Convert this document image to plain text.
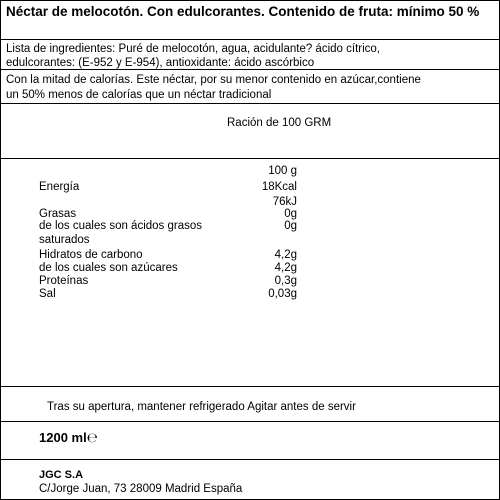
Néctar de melocotón. Con edulcorantes. Contenido de fruta: mínimo 50 %
Lista de ingredientes: Puré de melocotón, agua, acidulante? ácido cítrico,
edulcorantes: (E-952 y E-954), antioxidante: ácido ascórbico
Con la mitad de calorías. Este néctar, por su menor contenido en azúcar,contiene
un 50% menos de calorías que un néctar tradicional
Ración de 100 GRM
100 g
Energía	18Kcal
76kJ
Grasas	0g
de los cuales son ácidos grasos	0g
saturados
Hidratos de carbono	4,2g
de los cuales son azúcares	4,2g
Proteínas	0,3g
Sal	0,03g
Tras su apertura, mantener refrigerado Agitar antes de servir
1200 ml℮
JGC S.A
C/Jorge Juan, 73 28009 Madrid España
